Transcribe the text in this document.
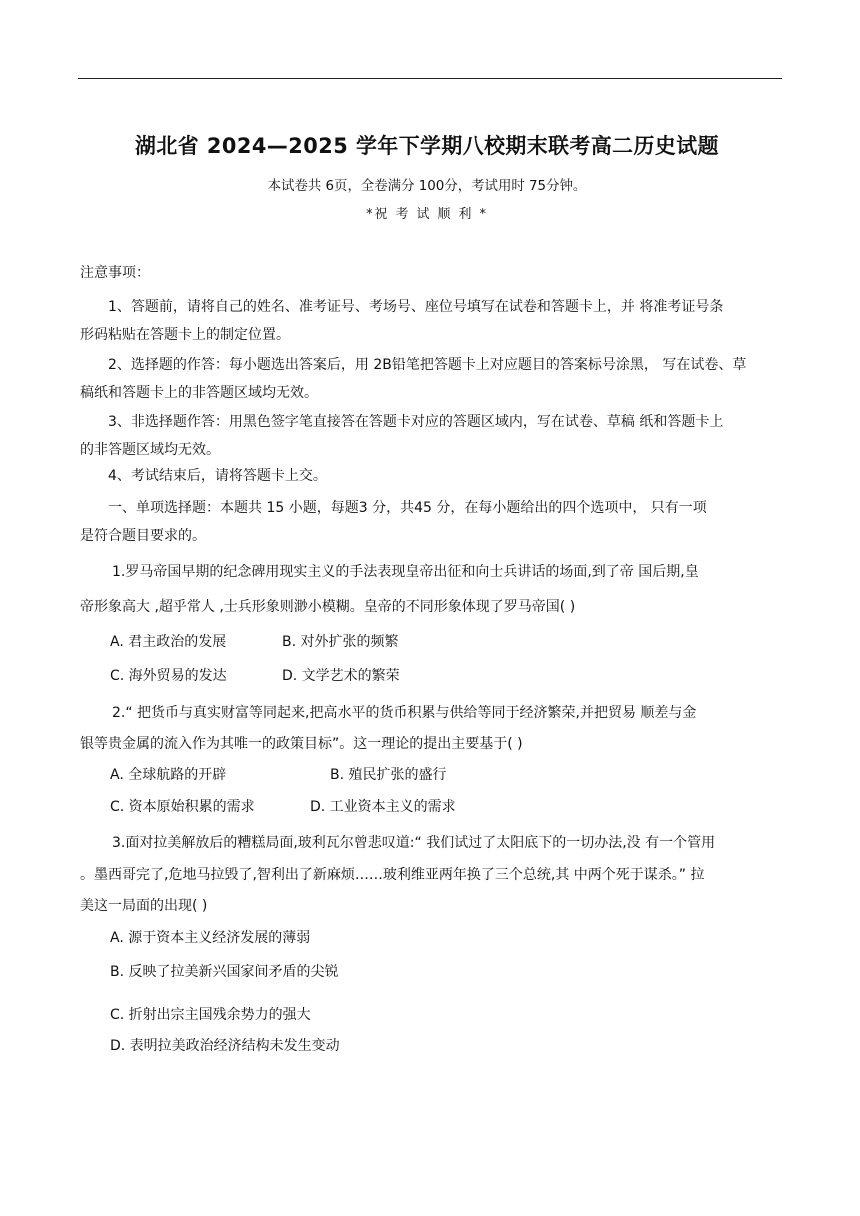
湖北省 2024—2025 学年下学期八校期末联考高二历史试题
本试卷共 6页，全卷满分 100分，考试用时 75分钟。
*祝 考 试 顺 利 *
注意事项：
1、答题前，请将自己的姓名、准考证号、考场号、座位号填写在试卷和答题卡上，并 将准考证号条
形码粘贴在答题卡上的制定位置。
2、选择题的作答：每小题选出答案后，用 2B铅笔把答题卡上对应题目的答案标号涂黑， 写在试卷、草
稿纸和答题卡上的非答题区域均无效。
3、非选择题作答：用黑色签字笔直接答在答题卡对应的答题区域内，写在试卷、草稿 纸和答题卡上
的非答题区域均无效。
4、考试结束后，请将答题卡上交。
一、单项选择题：本题共 15 小题，每题3 分，共45 分，在每小题给出的四个选项中， 只有一项
是符合题目要求的。
1.罗马帝国早期的纪念碑用现实主义的手法表现皇帝出征和向士兵讲话的场面,到了帝 国后期,皇
帝形象高大 ,超乎常人 ,士兵形象则渺小模糊。皇帝的不同形象体现了罗马帝国( )
A. 君主政治的发展	B. 对外扩张的频繁
C. 海外贸易的发达	D. 文学艺术的繁荣
2.“ 把货币与真实财富等同起来,把高水平的货币积累与供给等同于经济繁荣,并把贸易 顺差与金
银等贵金属的流入作为其唯一的政策目标”。这一理论的提出主要基于( )
A. 全球航路的开辟	B. 殖民扩张的盛行
C. 资本原始积累的需求	D. 工业资本主义的需求
3.面对拉美解放后的糟糕局面,玻利瓦尔曾悲叹道:“ 我们试过了太阳底下的一切办法,没 有一个管用
。墨西哥完了,危地马拉毁了,智利出了新麻烦……玻利维亚两年换了三个总统,其 中两个死于谋杀。” 拉
美这一局面的出现( )
A. 源于资本主义经济发展的薄弱
B. 反映了拉美新兴国家间矛盾的尖锐
C. 折射出宗主国残余势力的强大
D. 表明拉美政治经济结构未发生变动
